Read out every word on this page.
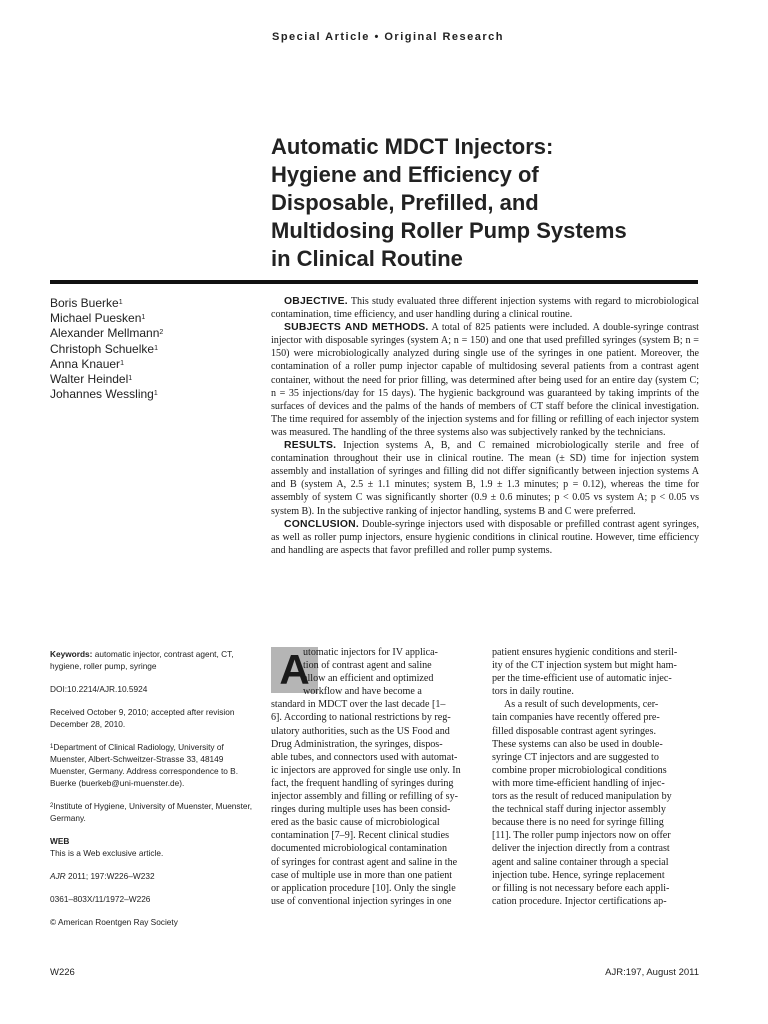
Special Article • Original Research
Automatic MDCT Injectors:
Hygiene and Efficiency of
Disposable, Prefilled, and
Multidosing Roller Pump Systems
in Clinical Routine
Boris Buerke$^1$
Michael Puesken$^1$
Alexander Mellmann$^2$
Christoph Schuelke$^1$
Anna Knauer$^1$
Walter Heindel$^1$
Johannes Wessling$^1$

OBJECTIVE. This study evaluated three different injection systems with regard to microbiological contamination, time efficiency, and user handling during a clinical routine.

SUBJECTS AND METHODS. A total of 825 patients were included. A double-syringe contrast injector with disposable syringes (system A; n = 150) and one that used prefilled syringes (system B; n = 150) were microbiologically analyzed during single use of the syringes in one patient. Moreover, the contamination of a roller pump injector capable of multidosing several patients from a contrast agent container, without the need for prior filling, was determined after being used for an entire day (system C; n = 35 injections/day for 15 days). The hygienic background was guaranteed by taking imprints of the surfaces of devices and the palms of the hands of members of CT staff before the clinical investigation. The time required for assembly of the injection systems and for filling or refilling of each injector system was measured. The handling of the three systems also was subjectively ranked by the technicians.

RESULTS. Injection systems A, B, and C remained microbiologically sterile and free of contamination throughout their use in clinical routine. The mean (± SD) time for injection system assembly and installation of syringes and filling did not differ significantly between injection systems A and B (system A, 2.5 ± 1.1 minutes; system B, 1.9 ± 1.3 minutes; p = 0.12), whereas the time for assembly of system C was significantly shorter (0.9 ± 0.6 minutes; p < 0.05 vs system A; p < 0.05 vs system B). In the subjective ranking of injector handling, systems B and C were preferred.

CONCLUSION. Double-syringe injectors used with disposable or prefilled contrast agent syringes, as well as roller pump injectors, ensure hygienic conditions in clinical routine. However, time efficiency and handling are aspects that favor prefilled and roller pump systems.

Keywords: automatic injector, contrast agent, CT, hygiene, roller pump, syringe
DOI:10.2214/AJR.10.5924
Received October 9, 2010; accepted after revision December 28, 2010.
$^1$Department of Clinical Radiology, University of Muenster, Albert-Schweitzer-Strasse 33, 48149 Muenster, Germany. Address correspondence to B. Buerke (buerkeb@uni-muenster.de).
$^2$Institute of Hygiene, University of Muenster, Muenster, Germany.
WEB
This is a Web exclusive article.
AJR 2011; 197:W226–W232
0361–803X/11/1972–W226
© American Roentgen Ray Society
A
utomatic injectors for IV applica-
tion of contrast agent and saline
allow an efficient and optimized
workflow and have become a
standard in MDCT over the last decade [1–
6]. According to national restrictions by reg-
ulatory authorities, such as the US Food and
Drug Administration, the syringes, dispos-
able tubes, and connectors used with automat-
ic injectors are approved for single use only. In
fact, the frequent handling of syringes during
injector assembly and filling or refilling of sy-
ringes during multiple uses has been consid-
ered as the basic cause of microbiological
contamination [7–9]. Recent clinical studies
documented microbiological contamination
of syringes for contrast agent and saline in the
case of multiple use in more than one patient
or application procedure [10]. Only the single
use of conventional injection syringes in one
patient ensures hygienic conditions and steril-
ity of the CT injection system but might ham-
per the time-efficient use of automatic injec-
tors in daily routine.
As a result of such developments, cer-
tain companies have recently offered pre-
filled disposable contrast agent syringes.
These systems can also be used in double-
syringe CT injectors and are suggested to
combine proper microbiological conditions
with more time-efficient handling of injec-
tors as the result of reduced manipulation by
the technical staff during injector assembly
because there is no need for syringe filling
[11]. The roller pump injectors now on offer
deliver the injection directly from a contrast
agent and saline container through a special
injection tube. Hence, syringe replacement
or filling is not necessary before each appli-
cation procedure. Injector certifications ap-
W226	AJR:197, August 2011
